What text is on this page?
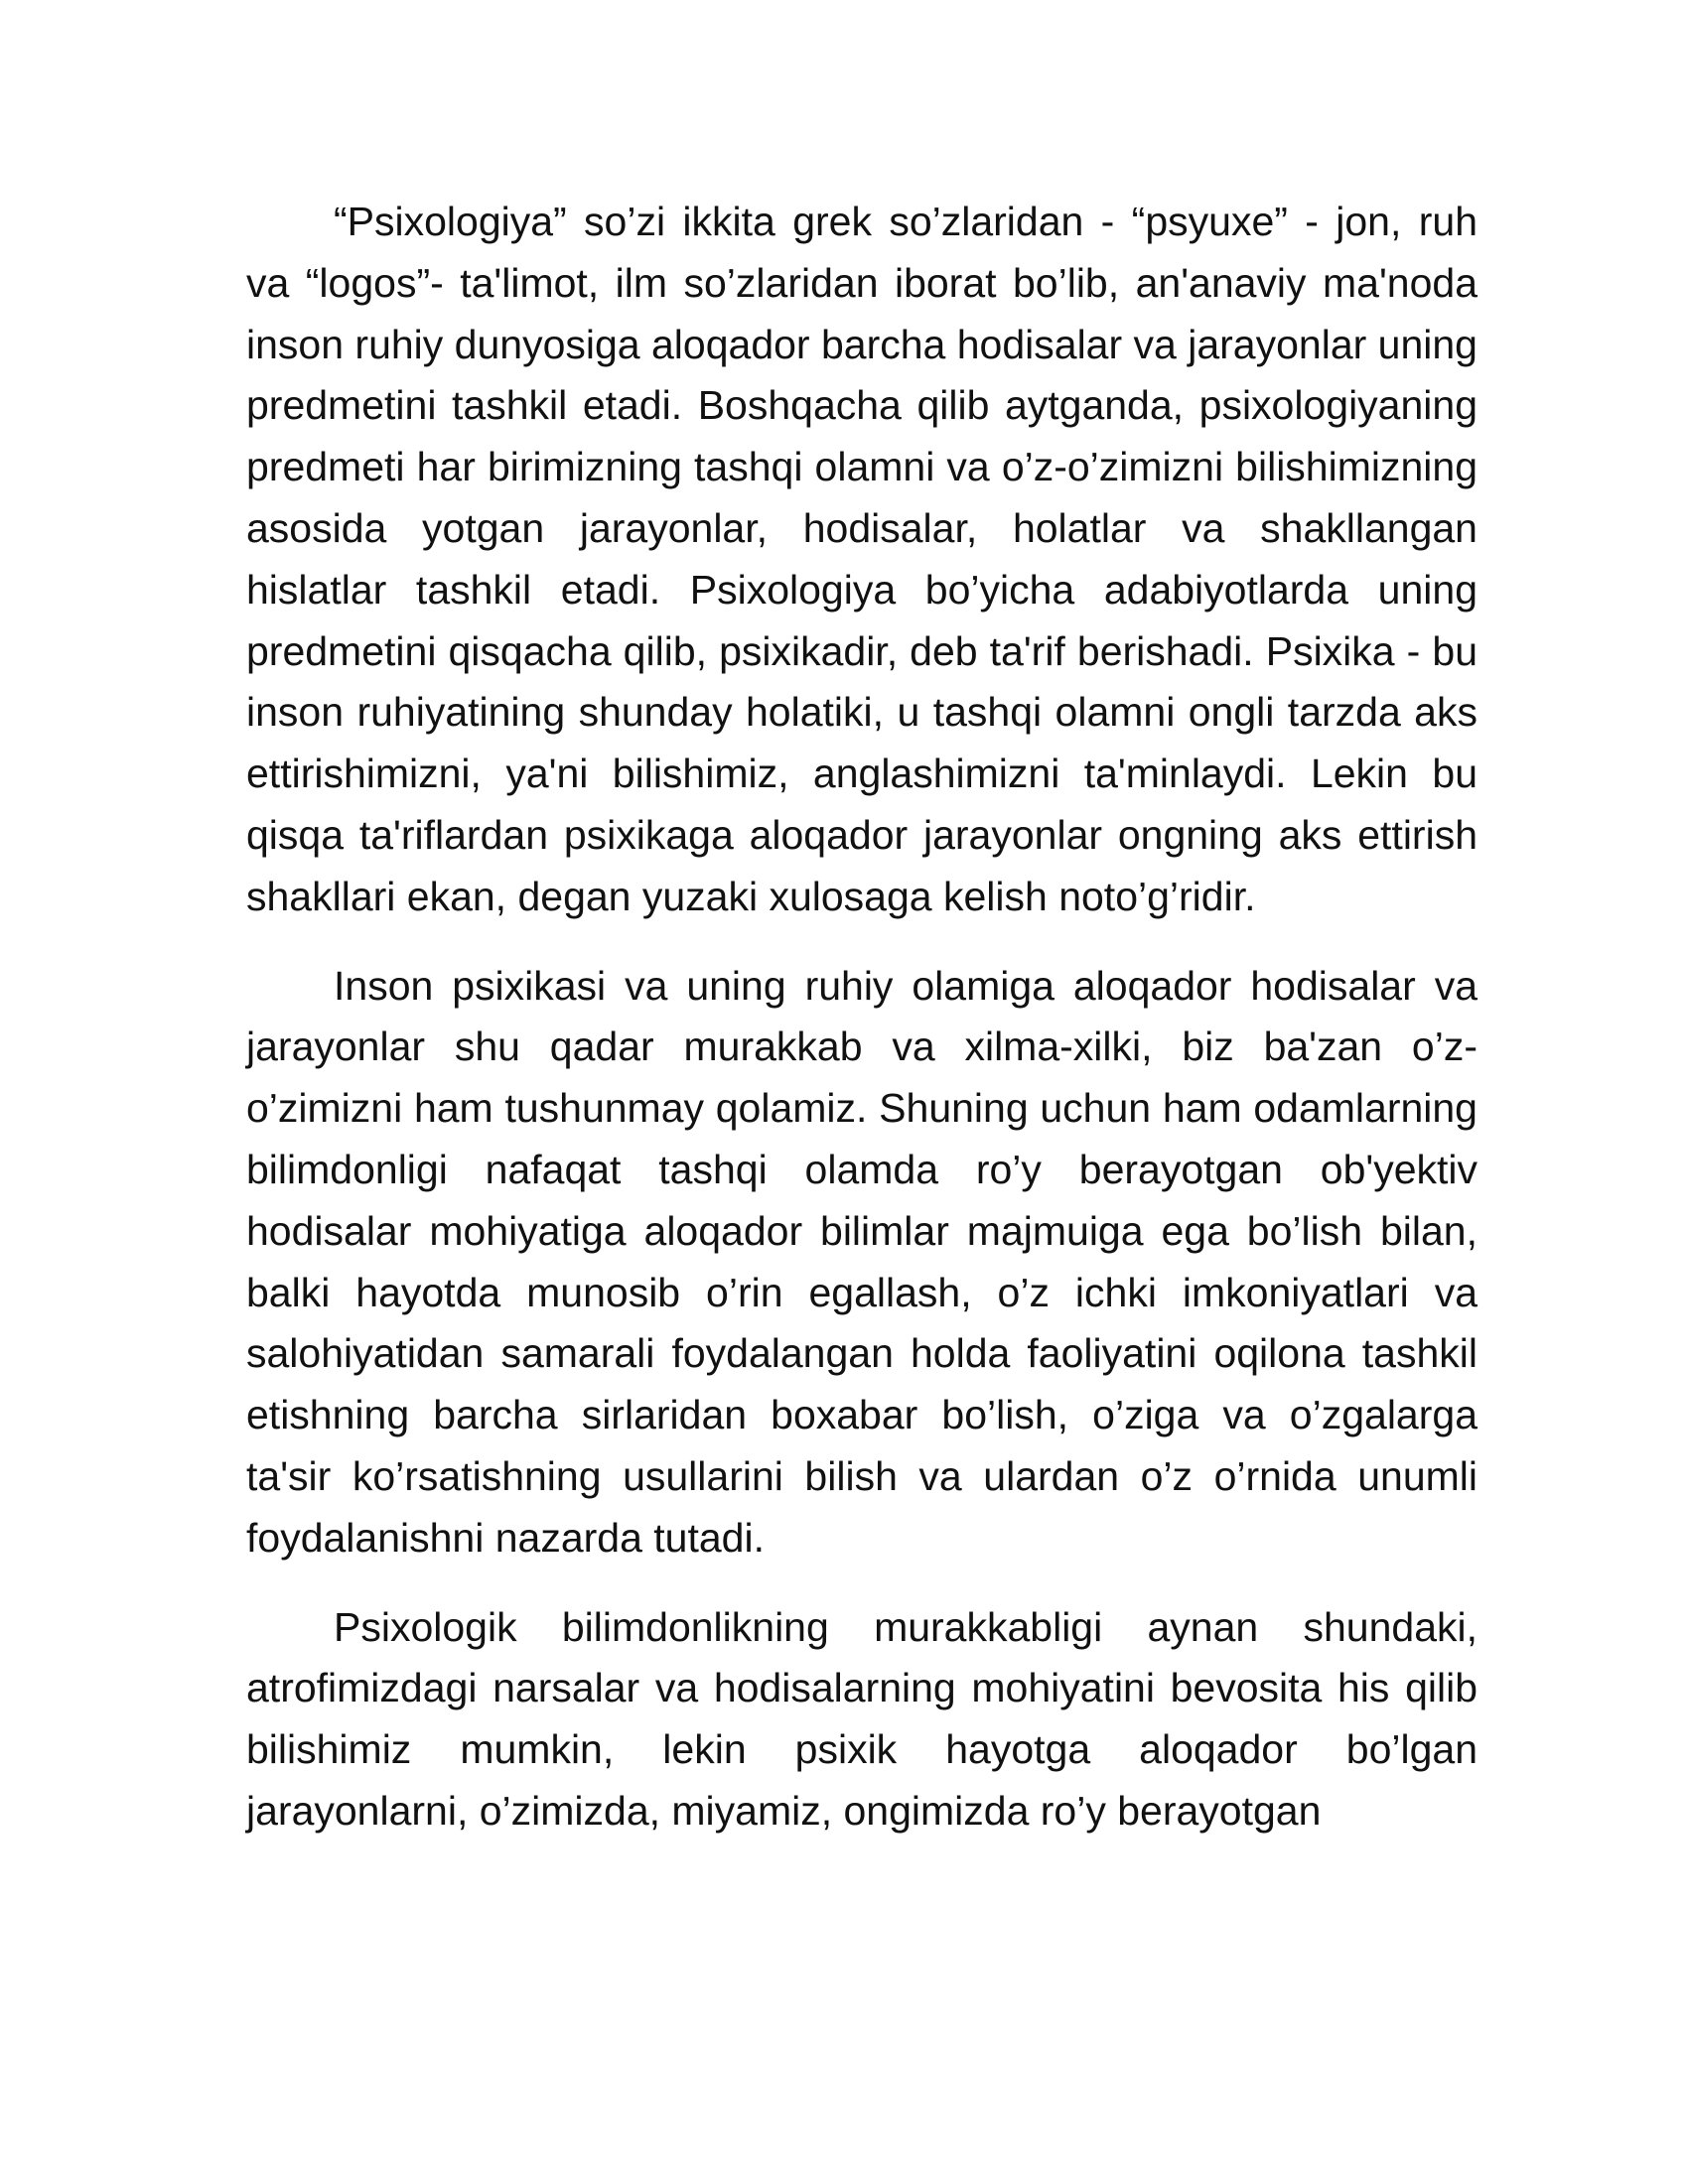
“Psixologiya” so’zi ikkita grek so’zlaridan - “psyuxe” - jon, ruh va “logos”- ta'limot, ilm so’zlaridan iborat bo’lib, an'anaviy ma'noda inson ruhiy dunyosiga aloqador barcha hodisalar va jarayonlar uning predmetini tashkil etadi. Boshqacha qilib aytganda, psixologiyaning predmeti har birimizning tashqi olamni va o’z-o’zimizni bilishimizning asosida yotgan jarayonlar, hodisalar, holatlar va shakllangan hislatlar tashkil etadi. Psixologiya bo’yicha adabiyotlarda uning predmetini qisqacha qilib, psixikadir, deb ta'rif berishadi. Psixika - bu inson ruhiyatining shunday holatiki, u tashqi olamni ongli tarzda aks ettirishimizni, ya'ni bilishimiz, anglashimizni ta'minlaydi. Lekin bu qisqa ta'riflardan psixikaga aloqador jarayonlar ongning aks ettirish shakllari ekan, degan yuzaki xulosaga kelish noto’g’ridir.

Inson psixikasi va uning ruhiy olamiga aloqador hodisalar va jarayonlar shu qadar murakkab va xilma-xilki, biz ba'zan o’z-o’zimizni ham tushunmay qolamiz. Shuning uchun ham odamlarning bilimdonligi nafaqat tashqi olamda ro’y berayotgan ob'yektiv hodisalar mohiyatiga aloqador bilimlar majmuiga ega bo’lish bilan, balki hayotda munosib o’rin egallash, o’z ichki imkoniyatlari va salohiyatidan samarali foydalangan holda faoliyatini oqilona tashkil etishning barcha sirlaridan boxabar bo’lish, o’ziga va o’zgalarga ta'sir ko’rsatishning usullarini bilish va ulardan o’z o’rnida unumli foydalanishni nazarda tutadi.

Psixologik bilimdonlikning murakkabligi aynan shundaki, atrofimizdagi narsalar va hodisalarning mohiyatini bevosita his qilib bilishimiz mumkin, lekin psixik hayotga aloqador bo’lgan jarayonlarni, o’zimizda, miyamiz, ongimizda ro’y berayotgan
